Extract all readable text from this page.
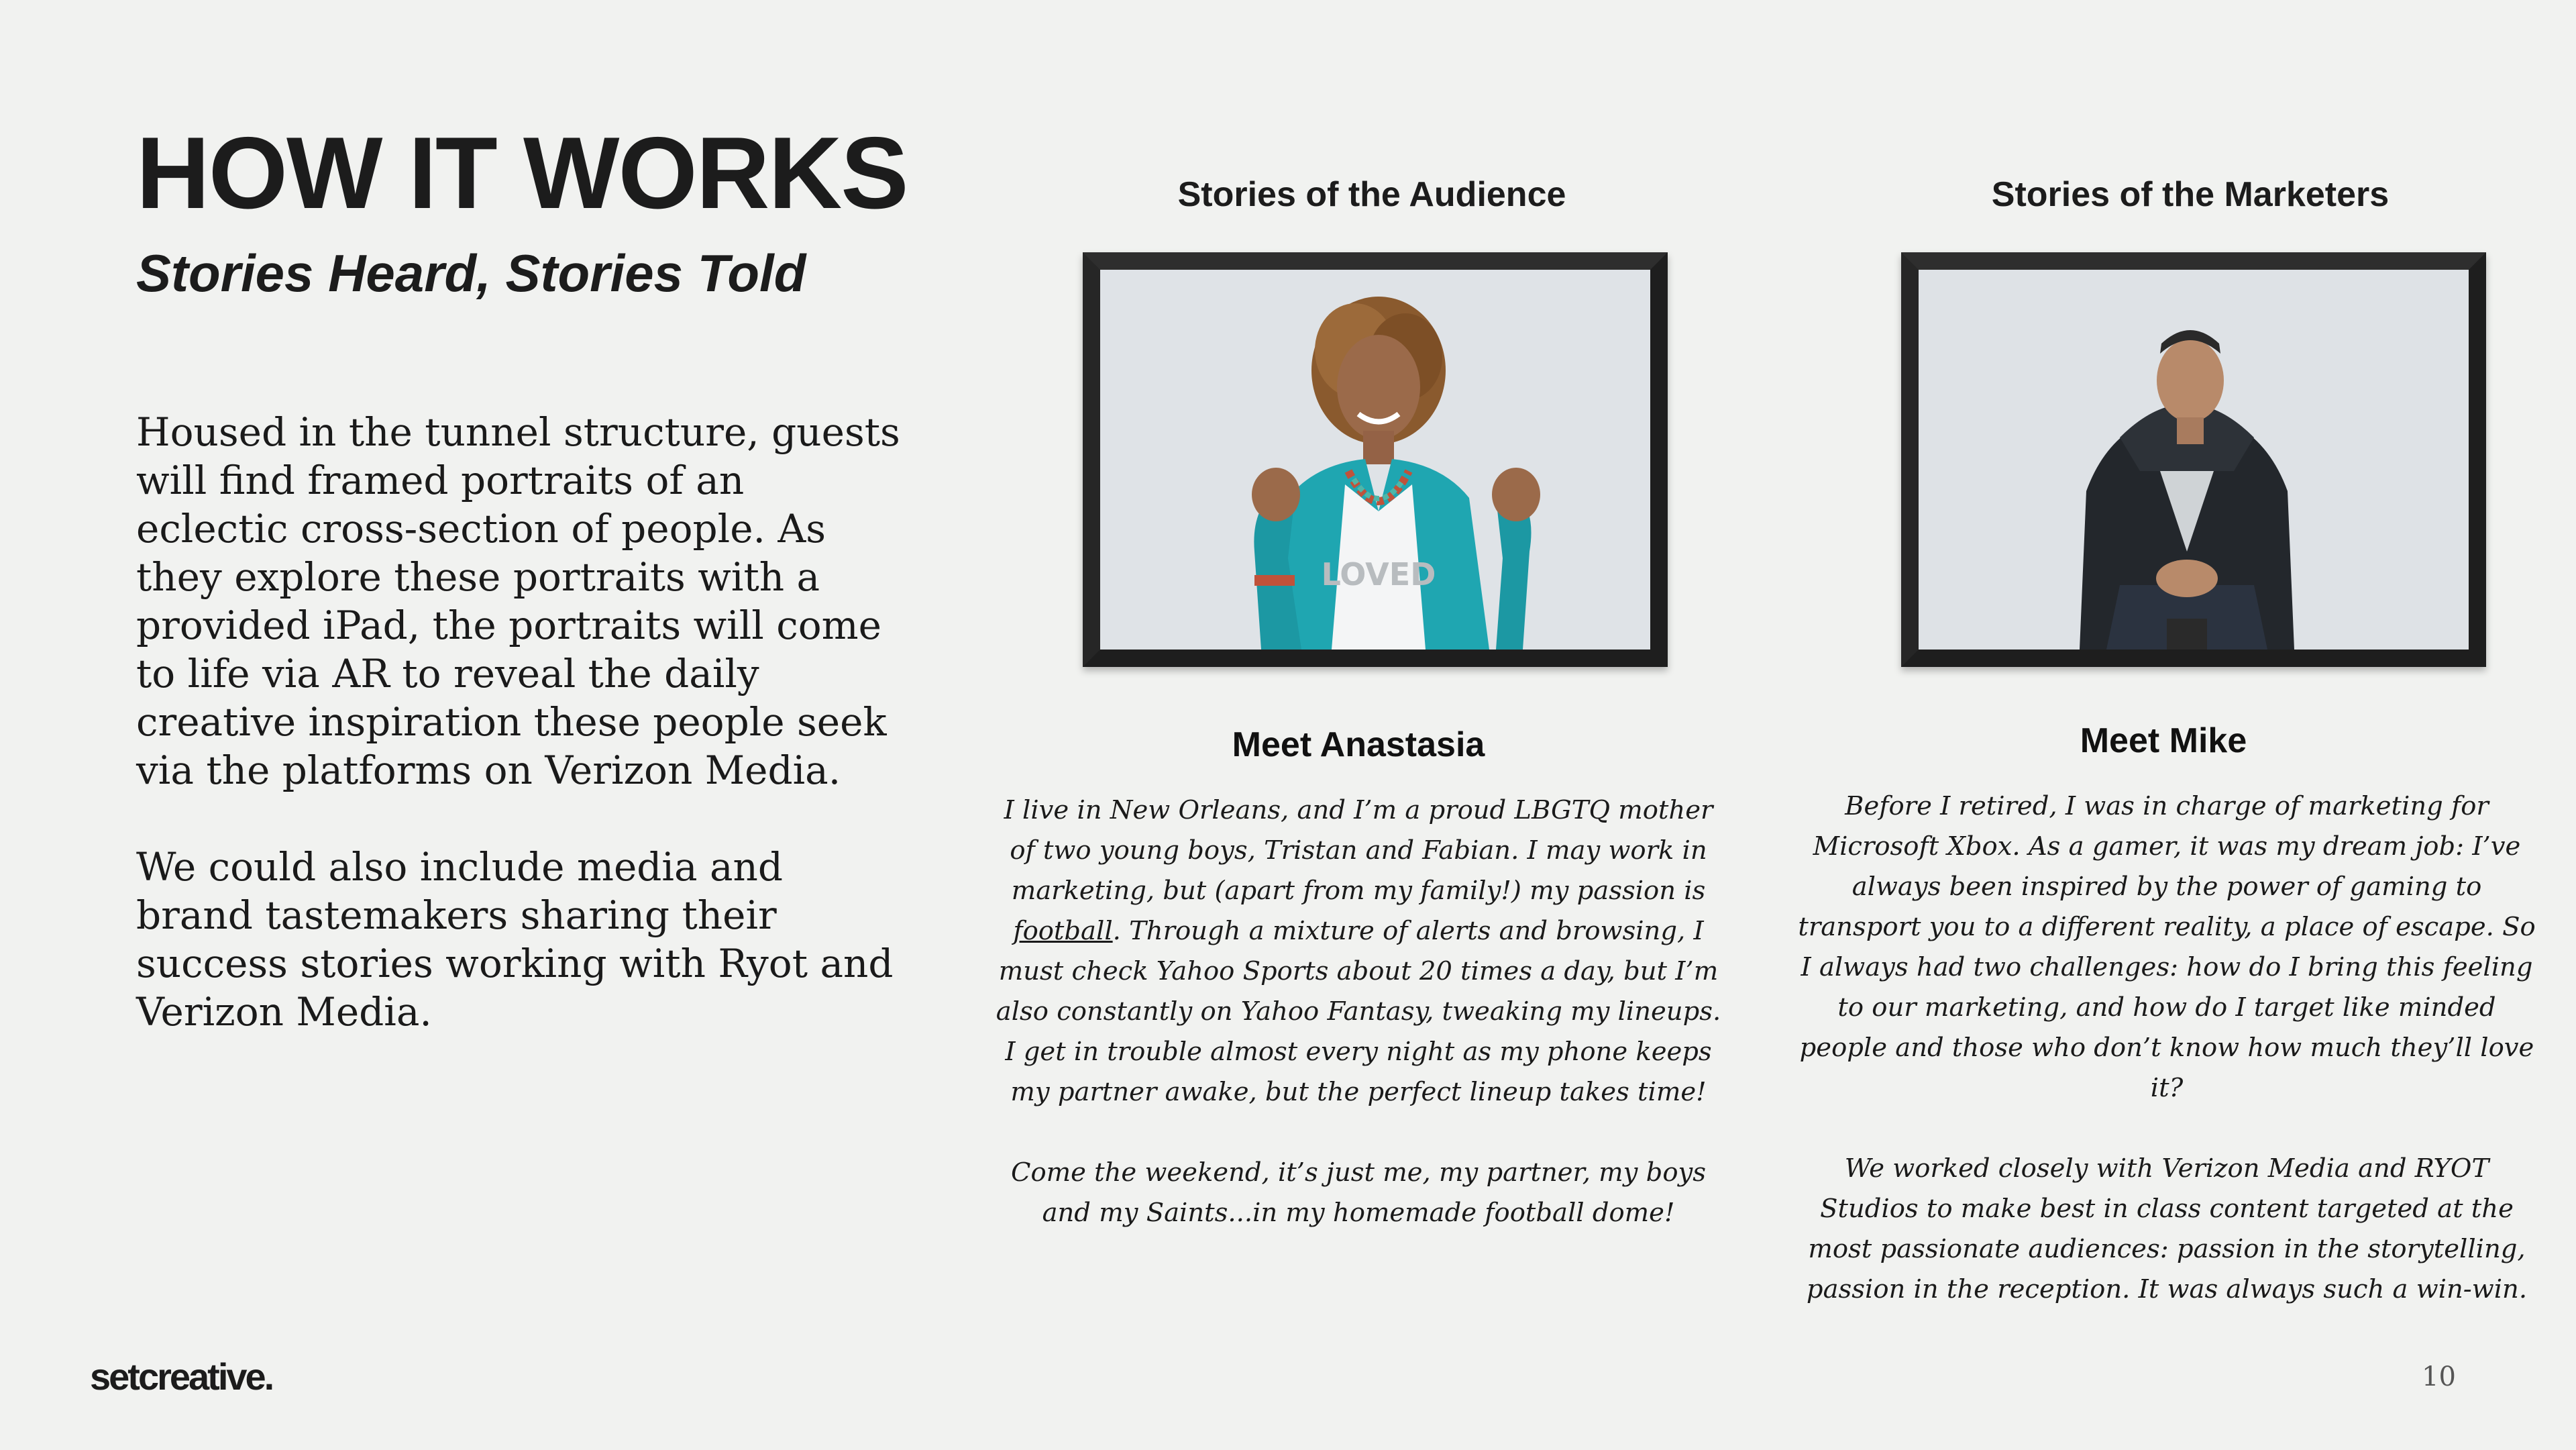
HOW IT WORKS
Stories Heard, Stories Told

Housed in the tunnel structure, guests will find framed portraits of an eclectic cross-section of people. As they explore these portraits with a provided iPad, the portraits will come to life via AR to reveal the daily creative inspiration these people seek via the platforms on Verizon Media.

We could also include media and brand tastemakers sharing their success stories working with Ryot and Verizon Media.

Stories of the Audience
LOVED
Meet Anastasia

I live in New Orleans, and I’m a proud LBGTQ mother of two young boys, Tristan and Fabian. I may work in marketing, but (apart from my family!) my passion is football. Through a mixture of alerts and browsing, I must check Yahoo Sports about 20 times a day, but I’m also constantly on Yahoo Fantasy, tweaking my lineups. I get in trouble almost every night as my phone keeps my partner awake, but the perfect lineup takes time!

Come the weekend, it’s just me, my partner, my boys and my Saints...in my homemade football dome!

Stories of the Marketers
Meet Mike

Before I retired, I was in charge of marketing for Microsoft Xbox. As a gamer, it was my dream job: I’ve always been inspired by the power of gaming to transport you to a different reality, a place of escape. So I always had two challenges: how do I bring this feeling to our marketing, and how do I target like minded people and those who don’t know how much they’ll love it?

We worked closely with Verizon Media and RYOT Studios to make best in class content targeted at the most passionate audiences: passion in the storytelling, passion in the reception. It was always such a win-win.

setcreative.	10
